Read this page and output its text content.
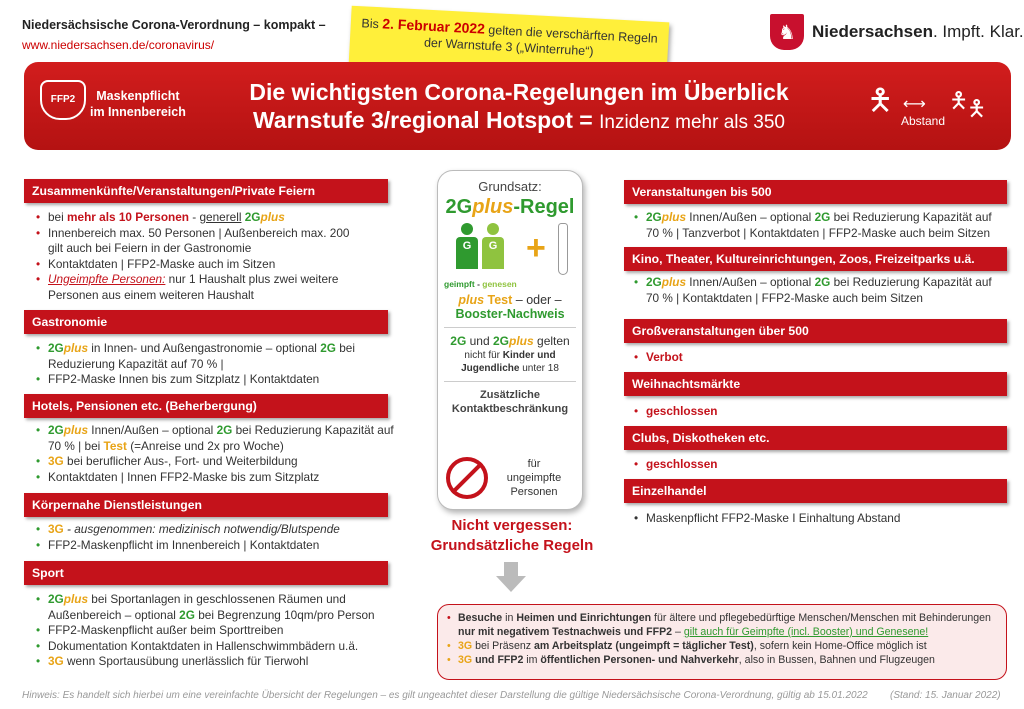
Niedersächsische Corona-Verordnung – kompakt –
www.niedersachsen.de/coronavirus/
Bis 2. Februar 2022 gelten die verschärften Regeln
der Warnstufe 3 („Winterruhe“)
♞ Niedersachsen. Impft. Klar.
FFP2	Maskenpflicht
im Innenbereich
Die wichtigsten Corona-Regelungen im Überblick
Warnstufe 3/regional Hotspot = Inzidenz mehr als 350
🯅 ⟷ 🯅
🯅
Abstand
Zusammenkünfte/Veranstaltungen/Private Feiern
• bei mehr als 10 Personen - generell 2Gplus
• Innenbereich max. 50 Personen | Außenbereich max. 200
gilt auch bei Feiern in der Gastronomie
• Kontaktdaten | FFP2-Maske auch im Sitzen
• Ungeimpfte Personen: nur 1 Haushalt plus zwei weitere
Personen aus einem weiteren Haushalt
Gastronomie
• 2Gplus in Innen- und Außengastronomie – optional 2G bei
Reduzierung Kapazität auf 70 % |
• FFP2-Maske Innen bis zum Sitzplatz | Kontaktdaten
Hotels, Pensionen etc. (Beherbergung)
• 2Gplus Innen/Außen – optional 2G bei Reduzierung Kapazität auf
70 % | bei Test (=Anreise und 2x pro Woche)
• 3G bei beruflicher Aus-, Fort- und Weiterbildung
• Kontaktdaten | Innen FFP2-Maske bis zum Sitzplatz
Körpernahe Dienstleistungen
• 3G - ausgenommen: medizinisch notwendig/Blutspende
• FFP2-Maskenpflicht im Innenbereich | Kontaktdaten
Sport
• 2Gplus bei Sportanlagen in geschlossenen Räumen und
Außenbereich – optional 2G bei Begrenzung 10qm/pro Person
• FFP2-Maskenpflicht außer beim Sporttreiben
• Dokumentation Kontaktdaten in Hallenschwimmbädern u.ä.
• 3G wenn Sportausübung unerlässlich für Tierwohl
Grundsatz:
2Gplus-Regel
G	G +
geimpft - genesen
plus Test – oder –
Booster-Nachweis
2G und 2Gplus gelten
nicht für Kinder und
Jugendliche unter 18
Zusätzliche
Kontaktbeschränkung
für
ungeimpfte
Personen
Nicht vergessen:
Grundsätzliche Regeln
Veranstaltungen bis 500
• 2Gplus Innen/Außen – optional 2G bei Reduzierung Kapazität auf
70 % | Tanzverbot | Kontaktdaten | FFP2-Maske auch beim Sitzen
Kino, Theater, Kultureinrichtungen, Zoos, Freizeitparks u.ä.
• 2Gplus Innen/Außen – optional 2G bei Reduzierung Kapazität auf
70 % | Kontaktdaten | FFP2-Maske auch beim Sitzen
Großveranstaltungen über 500
• Verbot
Weihnachtsmärkte
• geschlossen
Clubs, Diskotheken etc.
• geschlossen
Einzelhandel
• Maskenpflicht FFP2-Maske I Einhaltung Abstand
• Besuche in Heimen und Einrichtungen für ältere und pflegebedürftige Menschen/Menschen mit Behinderungen
nur mit negativem Testnachweis und FFP2 – gilt auch für Geimpfte (incl. Booster) und Genesene!
• 3G bei Präsenz am Arbeitsplatz (ungeimpft = täglicher Test), sofern kein Home-Office möglich ist
• 3G und FFP2 im öffentlichen Personen- und Nahverkehr, also in Bussen, Bahnen und Flugzeugen
Hinweis: Es handelt sich hierbei um eine vereinfachte Übersicht der Regelungen – es gilt ungeachtet dieser Darstellung die gültige Niedersächsische Corona-Verordnung, gültig ab 15.01.2022 (Stand: 15. Januar 2022)
